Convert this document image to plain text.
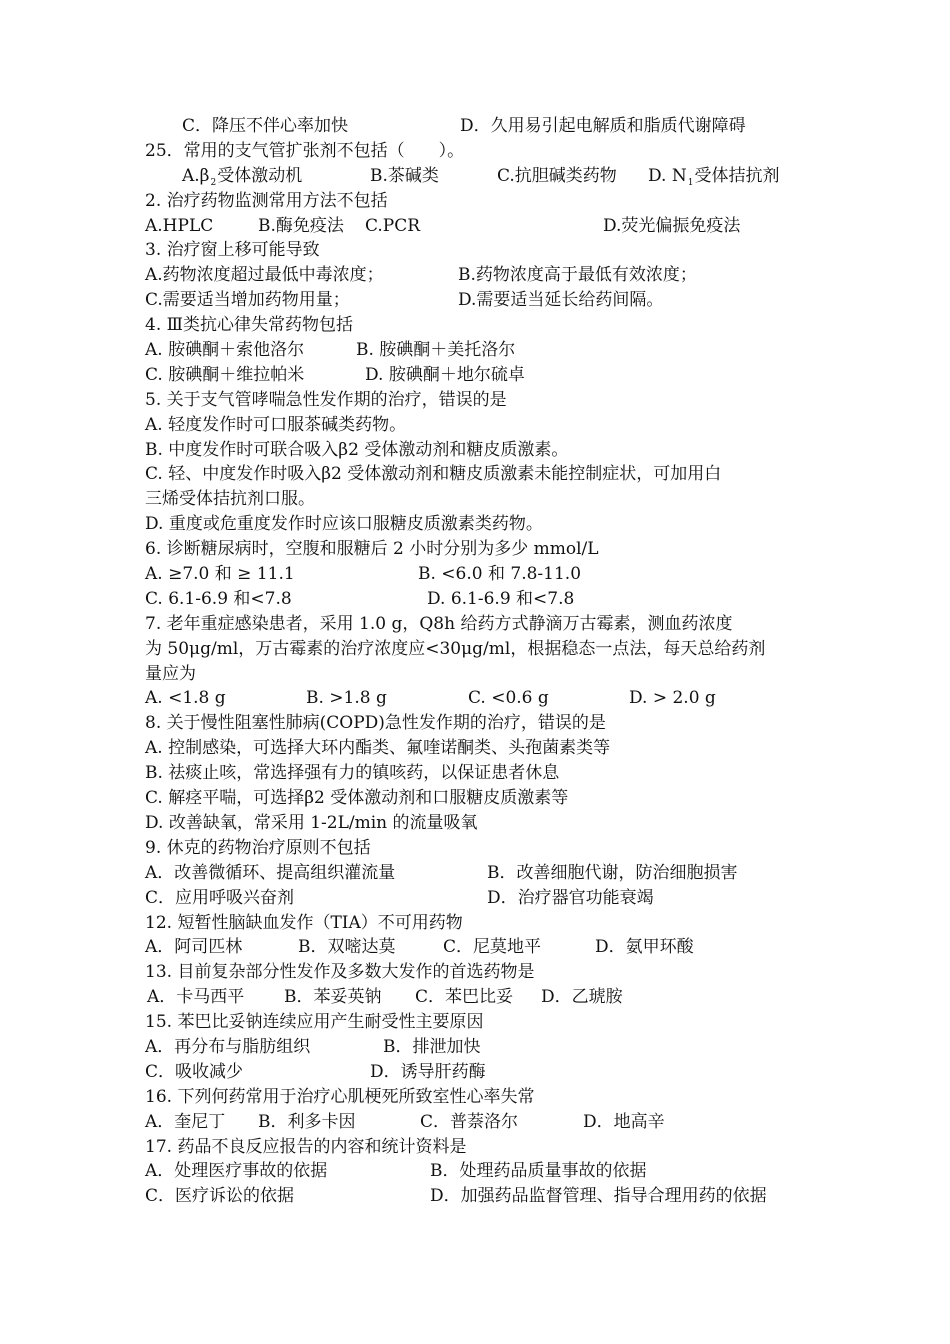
C．降压不伴心率加快	D．久用易引起电解质和脂质代谢障碍
25．常用的支气管扩张剂不包括（　　）。
$A.\beta_2$受体激动机	B.茶碱类	C.抗胆碱类药物 D. $N_1$受体拮抗剂
2. 治疗药物监测常用方法不包括
A.HPLC	B.酶免疫法 C.PCR	D.荧光偏振免疫法
3. 治疗窗上移可能导致
A.药物浓度超过最低中毒浓度；	B.药物浓度高于最低有效浓度；
C.需要适当增加药物用量；	D.需要适当延长给药间隔。
4. Ⅲ类抗心律失常药物包括
A. 胺碘酮＋索他洛尔	B. 胺碘酮＋美托洛尔
C. 胺碘酮＋维拉帕米	D. 胺碘酮＋地尔硫卓
5. 关于支气管哮喘急性发作期的治疗，错误的是
A. 轻度发作时可口服茶碱类药物。
B. 中度发作时可联合吸入β2 受体激动剂和糖皮质激素。
C. 轻、中度发作时吸入β2 受体激动剂和糖皮质激素未能控制症状，可加用白
三烯受体拮抗剂口服。
D. 重度或危重度发作时应该口服糖皮质激素类药物。
6. 诊断糖尿病时，空腹和服糖后 2 小时分别为多少 mmol/L
A. ≥7.0 和 ≥ 11.1	B. <6.0 和 7.8-11.0
C. 6.1-6.9 和<7.8	D. 6.1-6.9 和<7.8
7. 老年重症感染患者，采用 1.0 g，Q8h 给药方式静滴万古霉素，测血药浓度
为 50μg/ml，万古霉素的治疗浓度应<30μg/ml，根据稳态一点法，每天总给药剂
量应为
A. <1.8 g	B. >1.8 g	C. <0.6 g	D. > 2.0 g
8. 关于慢性阻塞性肺病(COPD)急性发作期的治疗，错误的是
A. 控制感染，可选择大环内酯类、氟喹诺酮类、头孢菌素类等
B. 祛痰止咳，常选择强有力的镇咳药，以保证患者休息
C. 解痉平喘，可选择β2 受体激动剂和口服糖皮质激素等
D. 改善缺氧，常采用 1-2L/min 的流量吸氧
9. 休克的药物治疗原则不包括
A．改善微循环、提高组织灌流量	B．改善细胞代谢，防治细胞损害
C．应用呼吸兴奋剂	D．治疗器官功能衰竭
12. 短暂性脑缺血发作（TIA）不可用药物
A．阿司匹林	B．双嘧达莫	C．尼莫地平	D．氨甲环酸
13. 目前复杂部分性发作及多数大发作的首选药物是
A．卡马西平 B．苯妥英钠 C．苯巴比妥 D．乙琥胺
15. 苯巴比妥钠连续应用产生耐受性主要原因
A．再分布与脂肪组织	B．排泄加快
C．吸收减少	D．诱导肝药酶
16. 下列何药常用于治疗心肌梗死所致室性心率失常
A．奎尼丁 B．利多卡因	C．普萘洛尔	D．地高辛
17. 药品不良反应报告的内容和统计资料是
A．处理医疗事故的依据	B．处理药品质量事故的依据
C．医疗诉讼的依据	D．加强药品监督管理、指导合理用药的依据
